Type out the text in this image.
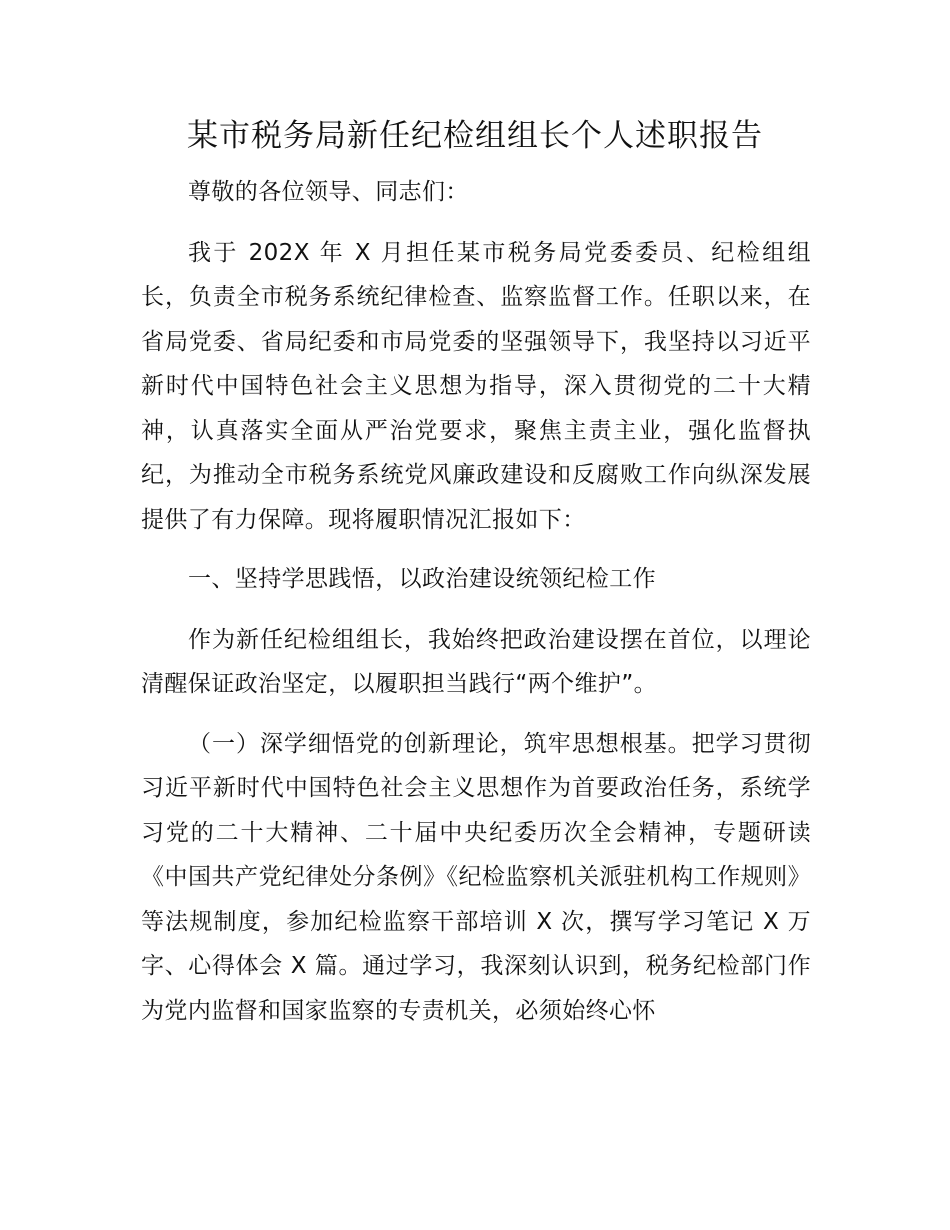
某市税务局新任纪检组组长个人述职报告

尊敬的各位领导、同志们：

我于 202X 年 X 月担任某市税务局党委委员、纪检组组长，负责全市税务系统纪律检查、监察监督工作。任职以来，在省局党委、省局纪委和市局党委的坚强领导下，我坚持以习近平新时代中国特色社会主义思想为指导，深入贯彻党的二十大精神，认真落实全面从严治党要求，聚焦主责主业，强化监督执纪，为推动全市税务系统党风廉政建设和反腐败工作向纵深发展提供了有力保障。现将履职情况汇报如下：

一、坚持学思践悟，以政治建设统领纪检工作

作为新任纪检组组长，我始终把政治建设摆在首位，以理论清醒保证政治坚定，以履职担当践行“两个维护”。

（一）深学细悟党的创新理论，筑牢思想根基。把学习贯彻习近平新时代中国特色社会主义思想作为首要政治任务，系统学习党的二十大精神、二十届中央纪委历次全会精神，专题研读《中国共产党纪律处分条例》《纪检监察机关派驻机构工作规则》等法规制度，参加纪检监察干部培训 X 次，撰写学习笔记 X 万字、心得体会 X 篇。通过学习，我深刻认识到，税务纪检部门作为党内监督和国家监察的专责机关，必须始终心怀
